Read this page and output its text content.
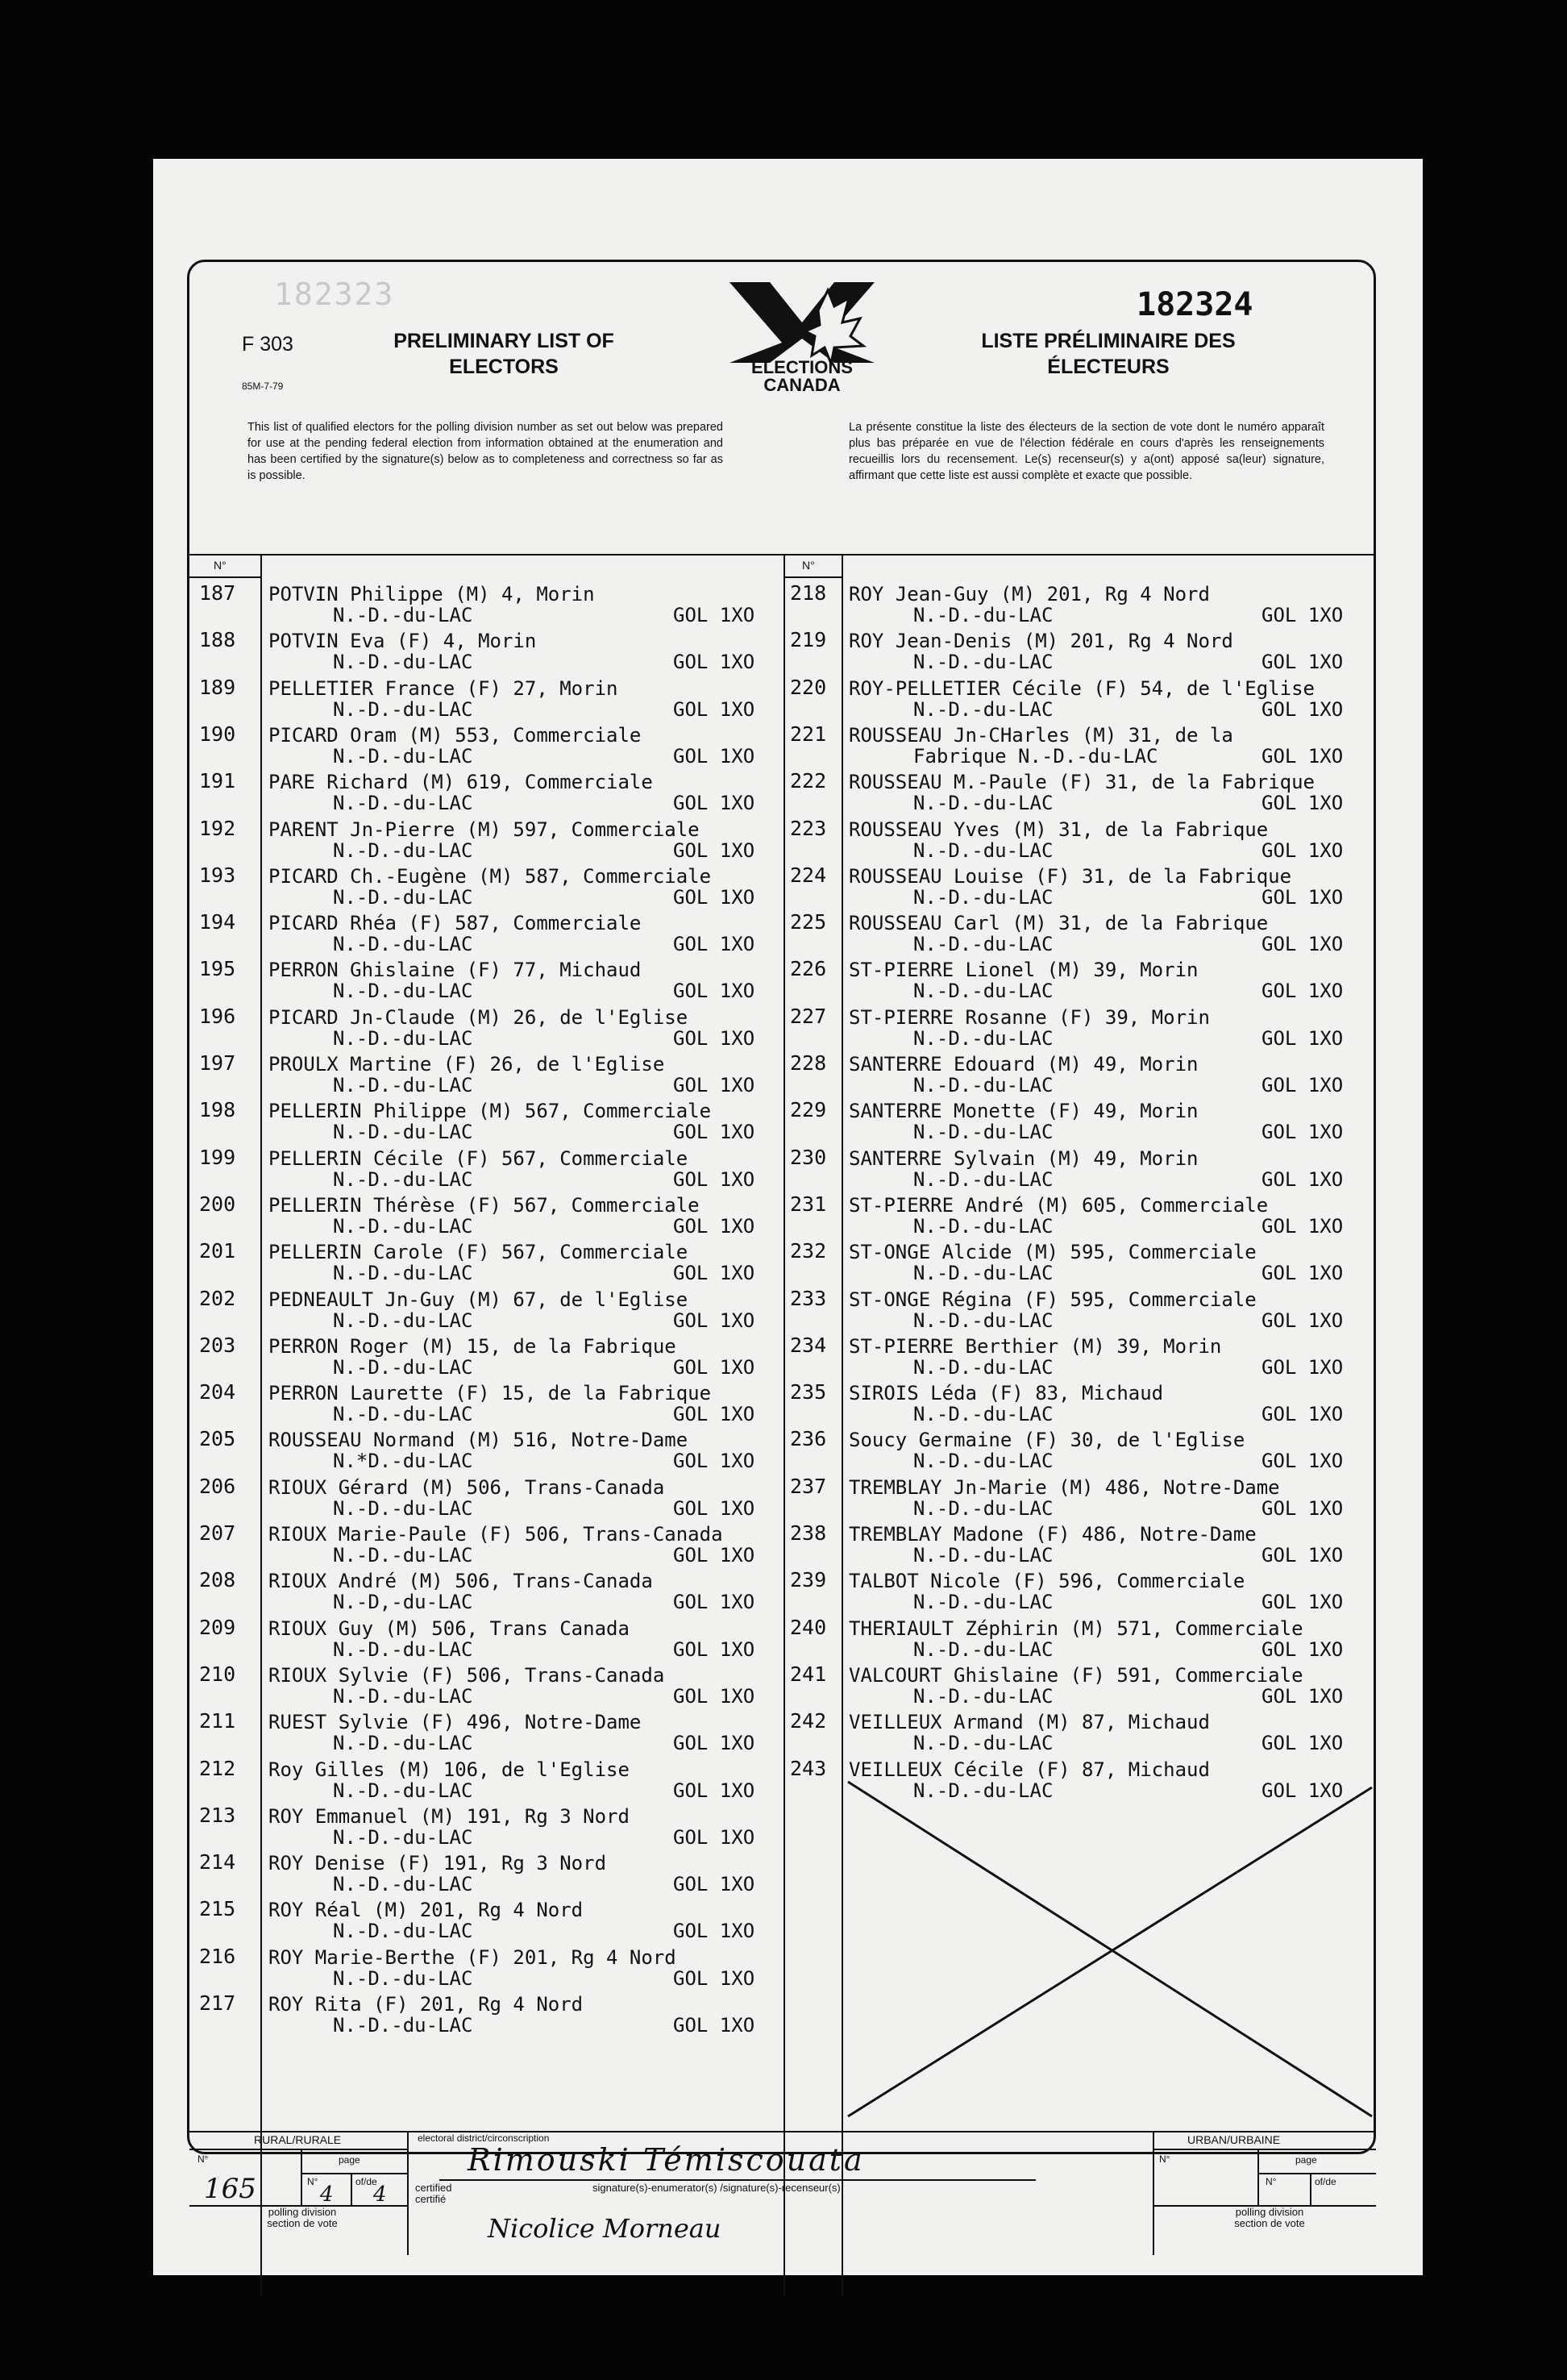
182323
F 303
85M-7-79
PRELIMINARY LIST OF
ELECTORS	ELECTIONS
CANADA
182324
LISTE PRÉLIMINAIRE DES
ÉLECTEURS
This list of qualified electors for the polling division number as set out below was prepared for use at the pending federal election from information obtained at the enumeration and has been certified by the signature(s) below as to completeness and correctness so far as is possible.
La présente constitue la liste des électeurs de la section de vote dont le numéro apparaît plus bas préparée en vue de l'élection fédérale en cours d'après les renseignements recueillis lors du recensement. Le(s) recenseur(s) y a(ont) apposé sa(leur) signature, affirmant que cette liste est aussi complète et exacte que possible.
N°	N°
187 POTVIN Philippe (M) 4, Morin
N.-D.-du-LAC	GOL 1XO
188 POTVIN Eva (F) 4, Morin
N.-D.-du-LAC	GOL 1XO
189 PELLETIER France (F) 27, Morin
N.-D.-du-LAC	GOL 1XO
190 PICARD Oram (M) 553, Commerciale
N.-D.-du-LAC	GOL 1XO
191 PARE Richard (M) 619, Commerciale
N.-D.-du-LAC	GOL 1XO
192 PARENT Jn-Pierre (M) 597, Commerciale
N.-D.-du-LAC	GOL 1XO
193 PICARD Ch.-Eugène (M) 587, Commerciale
N.-D.-du-LAC	GOL 1XO
194 PICARD Rhéa (F) 587, Commerciale
N.-D.-du-LAC	GOL 1XO
195 PERRON Ghislaine (F) 77, Michaud
N.-D.-du-LAC	GOL 1XO
196 PICARD Jn-Claude (M) 26, de l'Eglise
N.-D.-du-LAC	GOL 1XO
197 PROULX Martine (F) 26, de l'Eglise
N.-D.-du-LAC	GOL 1XO
198 PELLERIN Philippe (M) 567, Commerciale
N.-D.-du-LAC	GOL 1XO
199 PELLERIN Cécile (F) 567, Commerciale
N.-D.-du-LAC	GOL 1XO
200 PELLERIN Thérèse (F) 567, Commerciale
N.-D.-du-LAC	GOL 1XO
201 PELLERIN Carole (F) 567, Commerciale
N.-D.-du-LAC	GOL 1XO
202 PEDNEAULT Jn-Guy (M) 67, de l'Eglise
N.-D.-du-LAC	GOL 1XO
203 PERRON Roger (M) 15, de la Fabrique
N.-D.-du-LAC	GOL 1XO
204 PERRON Laurette (F) 15, de la Fabrique
N.-D.-du-LAC	GOL 1XO
205 ROUSSEAU Normand (M) 516, Notre-Dame
N.*D.-du-LAC	GOL 1XO
206 RIOUX Gérard (M) 506, Trans-Canada
N.-D.-du-LAC	GOL 1XO
207 RIOUX Marie-Paule (F) 506, Trans-Canada
N.-D.-du-LAC	GOL 1XO
208 RIOUX André (M) 506, Trans-Canada
N.-D,-du-LAC	GOL 1XO
209 RIOUX Guy (M) 506, Trans Canada
N.-D.-du-LAC	GOL 1XO
210 RIOUX Sylvie (F) 506, Trans-Canada
N.-D.-du-LAC	GOL 1XO
211 RUEST Sylvie (F) 496, Notre-Dame
N.-D.-du-LAC	GOL 1XO
212 Roy Gilles (M) 106, de l'Eglise
N.-D.-du-LAC	GOL 1XO
213 ROY Emmanuel (M) 191, Rg 3 Nord
N.-D.-du-LAC	GOL 1XO
214 ROY Denise (F) 191, Rg 3 Nord
N.-D.-du-LAC	GOL 1XO
215 ROY Réal (M) 201, Rg 4 Nord
N.-D.-du-LAC	GOL 1XO
216 ROY Marie-Berthe (F) 201, Rg 4 Nord
N.-D.-du-LAC	GOL 1XO
217 ROY Rita (F) 201, Rg 4 Nord
N.-D.-du-LAC	GOL 1XO
218 ROY Jean-Guy (M) 201, Rg 4 Nord
N.-D.-du-LAC	GOL 1XO
219 ROY Jean-Denis (M) 201, Rg 4 Nord
N.-D.-du-LAC	GOL 1XO
220 ROY-PELLETIER Cécile (F) 54, de l'Eglise
N.-D.-du-LAC	GOL 1XO
221 ROUSSEAU Jn-CHarles (M) 31, de la
Fabrique N.-D.-du-LAC	GOL 1XO
222 ROUSSEAU M.-Paule (F) 31, de la Fabrique
N.-D.-du-LAC	GOL 1XO
223 ROUSSEAU Yves (M) 31, de la Fabrique
N.-D.-du-LAC	GOL 1XO
224 ROUSSEAU Louise (F) 31, de la Fabrique
N.-D.-du-LAC	GOL 1XO
225 ROUSSEAU Carl (M) 31, de la Fabrique
N.-D.-du-LAC	GOL 1XO
226 ST-PIERRE Lionel (M) 39, Morin
N.-D.-du-LAC	GOL 1XO
227 ST-PIERRE Rosanne (F) 39, Morin
N.-D.-du-LAC	GOL 1XO
228 SANTERRE Edouard (M) 49, Morin
N.-D.-du-LAC	GOL 1XO
229 SANTERRE Monette (F) 49, Morin
N.-D.-du-LAC	GOL 1XO
230 SANTERRE Sylvain (M) 49, Morin
N.-D.-du-LAC	GOL 1XO
231 ST-PIERRE André (M) 605, Commerciale
N.-D.-du-LAC	GOL 1XO
232 ST-ONGE Alcide (M) 595, Commerciale
N.-D.-du-LAC	GOL 1XO
233 ST-ONGE Régina (F) 595, Commerciale
N.-D.-du-LAC	GOL 1XO
234 ST-PIERRE Berthier (M) 39, Morin
N.-D.-du-LAC	GOL 1XO
235 SIROIS Léda (F) 83, Michaud
N.-D.-du-LAC	GOL 1XO
236 Soucy Germaine (F) 30, de l'Eglise
N.-D.-du-LAC	GOL 1XO
237 TREMBLAY Jn-Marie (M) 486, Notre-Dame
N.-D.-du-LAC	GOL 1XO
238 TREMBLAY Madone (F) 486, Notre-Dame
N.-D.-du-LAC	GOL 1XO
239 TALBOT Nicole (F) 596, Commerciale
N.-D.-du-LAC	GOL 1XO
240 THERIAULT Zéphirin (M) 571, Commerciale
N.-D.-du-LAC	GOL 1XO
241 VALCOURT Ghislaine (F) 591, Commerciale
N.-D.-du-LAC	GOL 1XO
242 VEILLEUX Armand (M) 87, Michaud
N.-D.-du-LAC	GOL 1XO
243 VEILLEUX Cécile (F) 87, Michaud
N.-D.-du-LAC	GOL 1XO
RURAL/RURALE	URBAN/URBAINE
electoral district/circonscription
N°	page
N°	of/de
165	4 4
polling division
section de vote
Rimouski Témiscouata
certified
certifié
signature(s)-enumerator(s) /signature(s)-recenseur(s)
Nicolice Morneau
N°	page
N°	of/de
polling division
section de vote
